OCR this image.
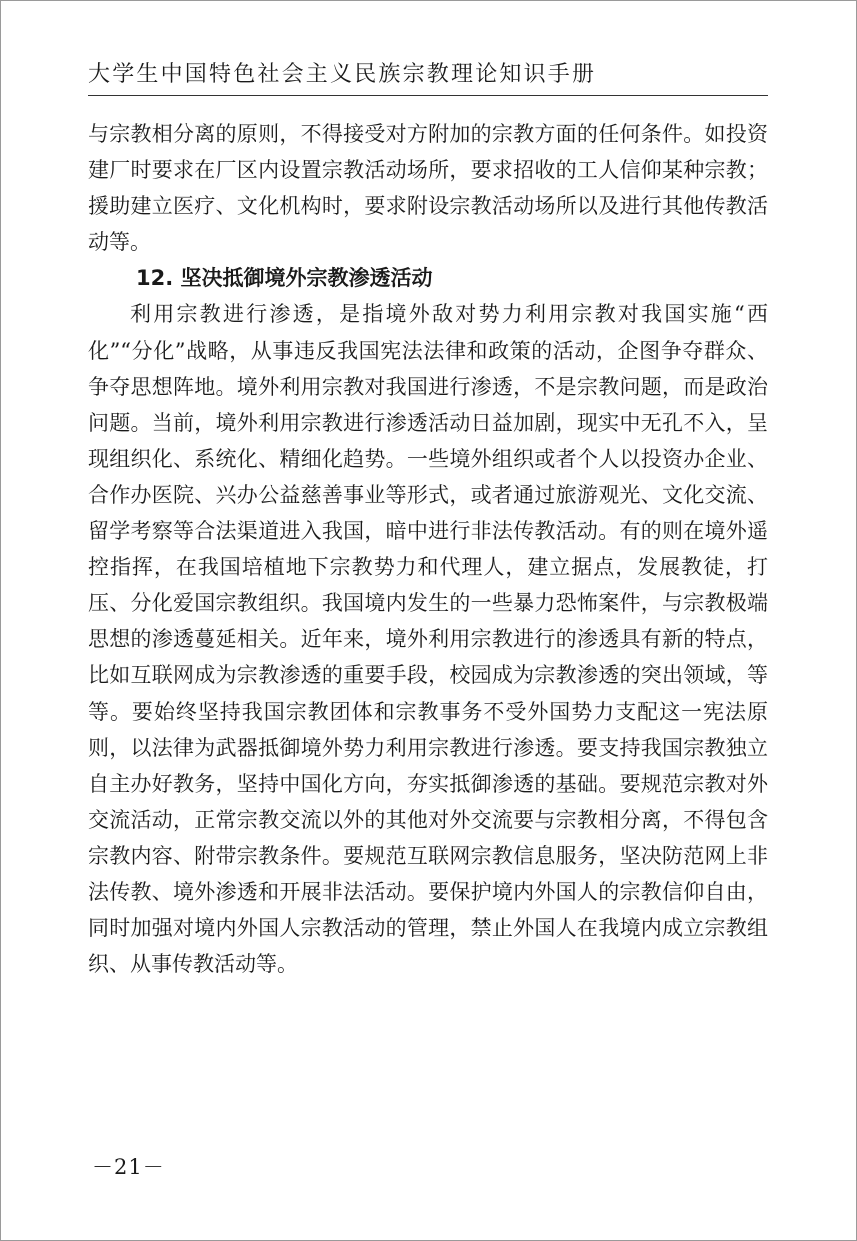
大学生中国特色社会主义民族宗教理论知识手册

与宗教相分离的原则，不得接受对方附加的宗教方面的任何条件。如投资建厂时要求在厂区内设置宗教活动场所，要求招收的工人信仰某种宗教；援助建立医疗、文化机构时，要求附设宗教活动场所以及进行其他传教活动等。

12. 坚决抵御境外宗教渗透活动

利用宗教进行渗透，是指境外敌对势力利用宗教对我国实施“西化”“分化”战略，从事违反我国宪法法律和政策的活动，企图争夺群众、争夺思想阵地。境外利用宗教对我国进行渗透，不是宗教问题，而是政治问题。当前，境外利用宗教进行渗透活动日益加剧，现实中无孔不入，呈现组织化、系统化、精细化趋势。一些境外组织或者个人以投资办企业、合作办医院、兴办公益慈善事业等形式，或者通过旅游观光、文化交流、留学考察等合法渠道进入我国，暗中进行非法传教活动。有的则在境外遥控指挥，在我国培植地下宗教势力和代理人，建立据点，发展教徒，打压、分化爱国宗教组织。我国境内发生的一些暴力恐怖案件，与宗教极端思想的渗透蔓延相关。近年来，境外利用宗教进行的渗透具有新的特点，比如互联网成为宗教渗透的重要手段，校园成为宗教渗透的突出领域，等等。要始终坚持我国宗教团体和宗教事务不受外国势力支配这一宪法原则，以法律为武器抵御境外势力利用宗教进行渗透。要支持我国宗教独立自主办好教务，坚持中国化方向，夯实抵御渗透的基础。要规范宗教对外交流活动，正常宗教交流以外的其他对外交流要与宗教相分离，不得包含宗教内容、附带宗教条件。要规范互联网宗教信息服务，坚决防范网上非法传教、境外渗透和开展非法活动。要保护境内外国人的宗教信仰自由，同时加强对境内外国人宗教活动的管理，禁止外国人在我境内成立宗教组织、从事传教活动等。

－21－
